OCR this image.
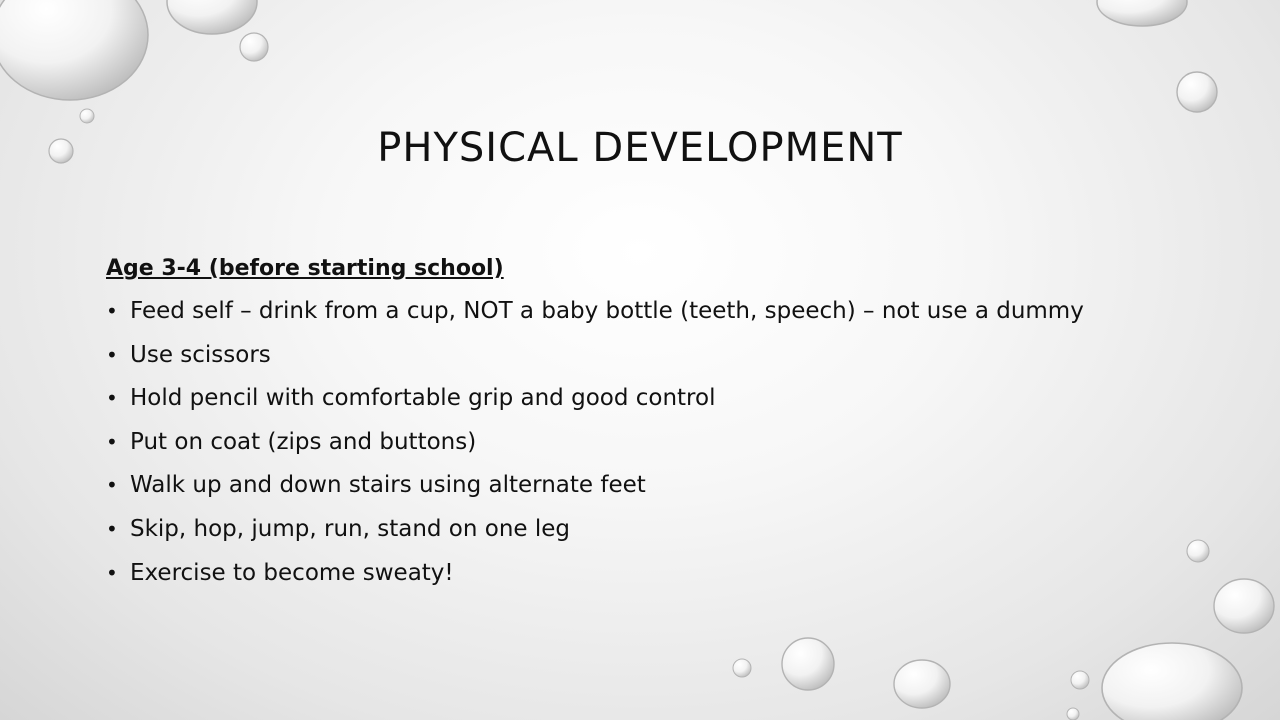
PHYSICAL DEVELOPMENT
Age 3-4 (before starting school)
• Feed self – drink from a cup, NOT a baby bottle (teeth, speech) – not use a dummy
• Use scissors
• Hold pencil with comfortable grip and good control
• Put on coat (zips and buttons)
• Walk up and down stairs using alternate feet
• Skip, hop, jump, run, stand on one leg
• Exercise to become sweaty!
